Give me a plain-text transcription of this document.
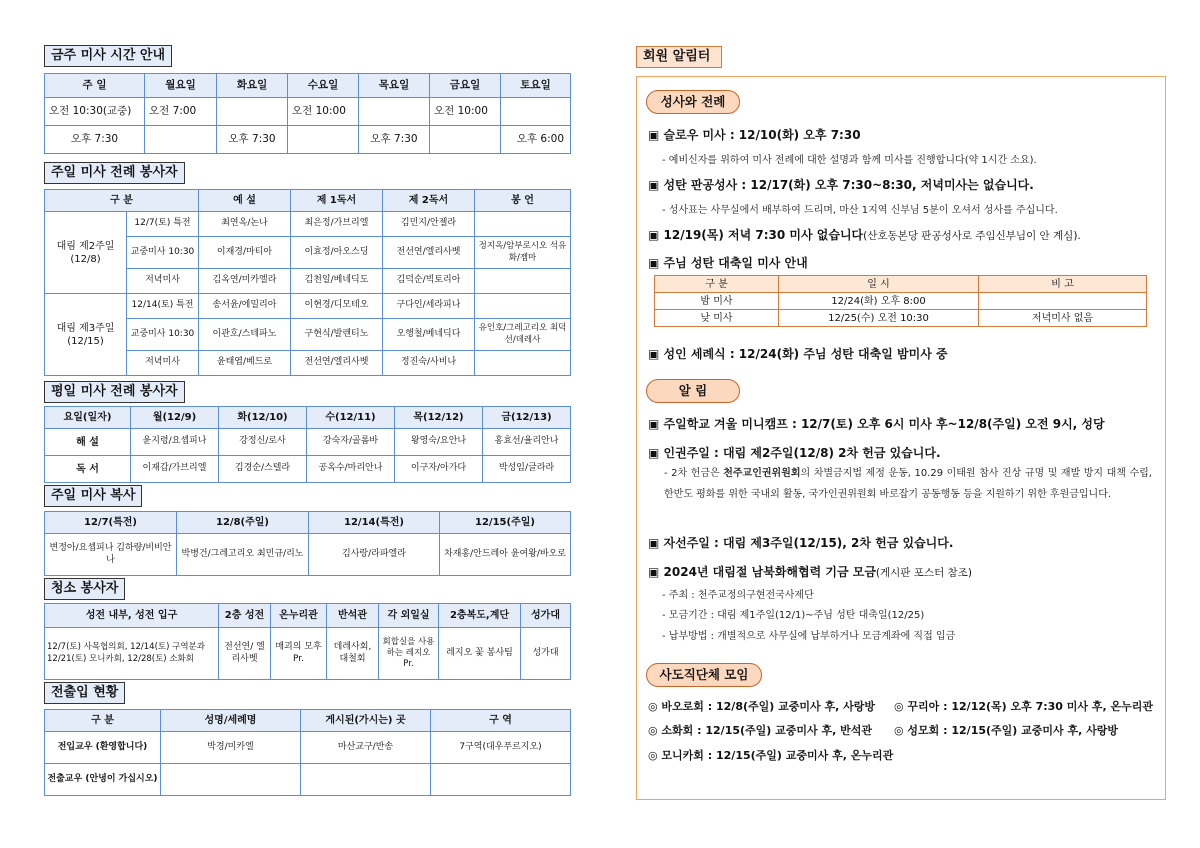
금주 미사 시간 안내
주 일	월요일	화요일	수요일	목요일	금요일	토요일
오전 10:30(교중)	오전 7:00		오전 10:00		오전 10:00	
오후 7:30		오후 7:30		오후 7:30		오후 6:00
주일 미사 전례 봉사자
구 분		예 설	제 1독서	제 2독서	봉 언
대림 제2주일 (12/8)	12/7(토) 특전	최연옥/논나	최은정/가브리엘	김민지/안젤라	
	교중미사 10:30	이재경/마티아	이효정/아오스딩	전선연/엘리사벳	정지옥/암부로시오 석유화/젬마
	저녁미사	김옥연/미카엘라	김천일/베네딕도	김덕순/빅토리아	
대림 제3주일 (12/15)	12/14(토) 특전	송서윤/에밀리아	이현경/디모테오	구다인/세라피나	
	교중미사 10:30	이관호/스테파노	구현식/발렌티노	오행철/베네딕다	유인호/그레고리오 최덕선/데레사
	저녁미사	윤태엽/베드로	전선연/엘리사벳	정진숙/사비나	
평일 미사 전례 봉사자
요일(일자)	월(12/9)	화(12/10)	수(12/11)	목(12/12)	금(12/13)
해 설	윤지령/요셉피나	강정신/로사	강숙자/골롬바	왕영숙/요안나	홍효선/율리안나
독 서	이재갑/가브리엘	김경순/스텔라	공옥수/마리안나	이구자/아가다	박성임/글라라
주일 미사 복사
12/7(특전)	12/8(주일)	12/14(특전)	12/15(주일)
변정아/요셉피나 김하량/비비안나	박병건/그레고리오 최민규/리노	김사랑/라파엘라	차재홍/안드레아 윤여왕/바오로
청소 봉사자
성전 내부, 성전 입구	2층 성전	온누리관	반석관	각 외일실	2층복도,계단	성가대
12/7(토) 사목협의회, 12/14(토) 구역분과 12/21(토) 모니카회, 12/28(토) 소화회	전선연/ 엘리사벳	매괴의 모후 Pr.	데레사회, 대철회	회합실을 사용하는 레지오 Pr.	레지오 꽃 봉사팀	성가대
전출입 현황
구 분	성명/세례명	게시된(가시는) 곳	구 역
전입교우 (환영합니다)	박경/미카엘	마산교구/반송	7구역(대우푸르지오)
전출교우 (안녕이 가십시오)			
회원 알림터
성사와 전례
▣ 슬로우 미사 : 12/10(화) 오후 7:30
- 예비신자를 위하여 미사 전례에 대한 설명과 함께 미사를 진행합니다(약 1시간 소요).
▣ 성탄 판공성사 : 12/17(화) 오후 7:30~8:30, 저녁미사는 없습니다.
- 성사표는 사무실에서 배부하여 드리며, 마산 1지역 신부님 5분이 오셔서 성사를 주십니다.
▣ 12/19(목) 저녁 7:30 미사 없습니다(산호동본당 판공성사로 주임신부님이 안 계심).
▣ 주님 성탄 대축일 미사 안내
구 분	일 시	비 고
밤 미사	12/24(화) 오후 8:00	
낮 미사	12/25(수) 오전 10:30	저녁미사 없음
▣ 성인 세례식 : 12/24(화) 주님 성탄 대축일 밤미사 중
알 림
▣ 주일학교 겨울 미니캠프 : 12/7(토) 오후 6시 미사 후~12/8(주일) 오전 9시, 성당
▣ 인권주일 : 대림 제2주일(12/8) 2차 헌금 있습니다.
- 2차 헌금은 천주교인권위원회의 차별금지법 제정 운동, 10.29 이태원 참사 진상 규명 및 재발 방지 대책 수립, 한반도 평화를 위한 국내외 활동, 국가인권위원회 바로잡기 공동행동 등을 지원하기 위한 후원금입니다.
▣ 자선주일 : 대림 제3주일(12/15), 2차 헌금 있습니다.
▣ 2024년 대림절 남북화해협력 기금 모금(게시판 포스터 참조)
- 주최 : 천주교정의구현전국사제단
- 모금기간 : 대림 제1주일(12/1)~주님 성탄 대축일(12/25)
- 납부방법 : 개별적으로 사무실에 납부하거나 모금계좌에 직접 입금
사도직단체 모임
◎ 바오로회 : 12/8(주일) 교중미사 후, 사랑방 ◎ 꾸리아 : 12/12(목) 오후 7:30 미사 후, 온누리관
◎ 소화회 : 12/15(주일) 교중미사 후, 반석관 ◎ 성모회 : 12/15(주일) 교중미사 후, 사랑방
◎ 모니카회 : 12/15(주일) 교중미사 후, 온누리관
